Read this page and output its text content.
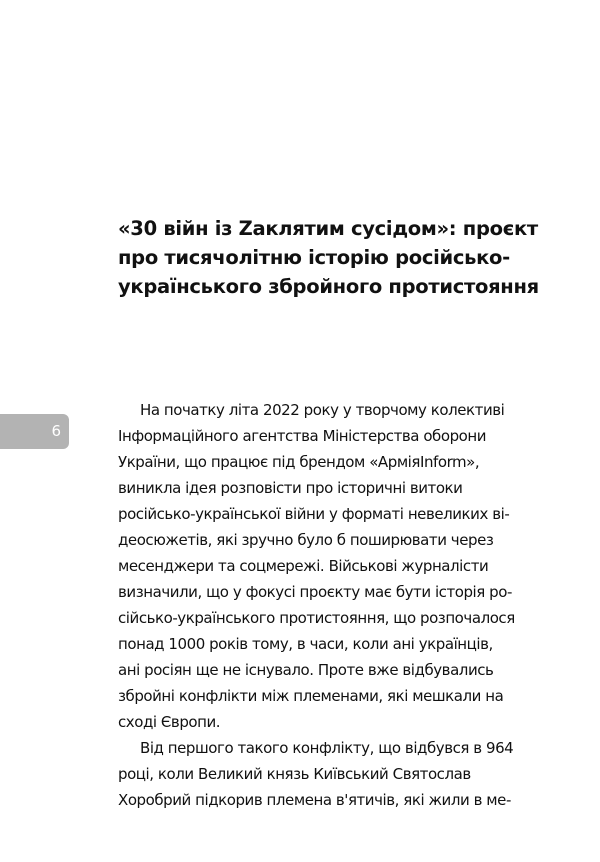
«30 війн із Zаклятим сусідом»: проєкт
про тисячолітню історію російсько-
українського збройного протистояння
6
На початку літа 2022 року у творчому колективі
Інформаційного агентства Міністерства оборони
України, що працює під брендом «АрміяInform»,
виникла ідея розповісти про історичні витоки
російсько-української війни у форматі невеликих ві-
деосюжетів, які зручно було б поширювати через
месенджери та соцмережі. Військові журналісти
визначили, що у фокусі проєкту має бути історія ро-
сійсько-українського протистояння, що розпочалося
понад 1000 років тому, в часи, коли ані українців,
ані росіян ще не існувало. Проте вже відбувались
збройні конфлікти між племенами, які мешкали на
сході Європи.
Від першого такого конфлікту, що відбувся в 964
році, коли Великий князь Київський Святослав
Хоробрий підкорив племена в'ятичів, які жили в ме-
